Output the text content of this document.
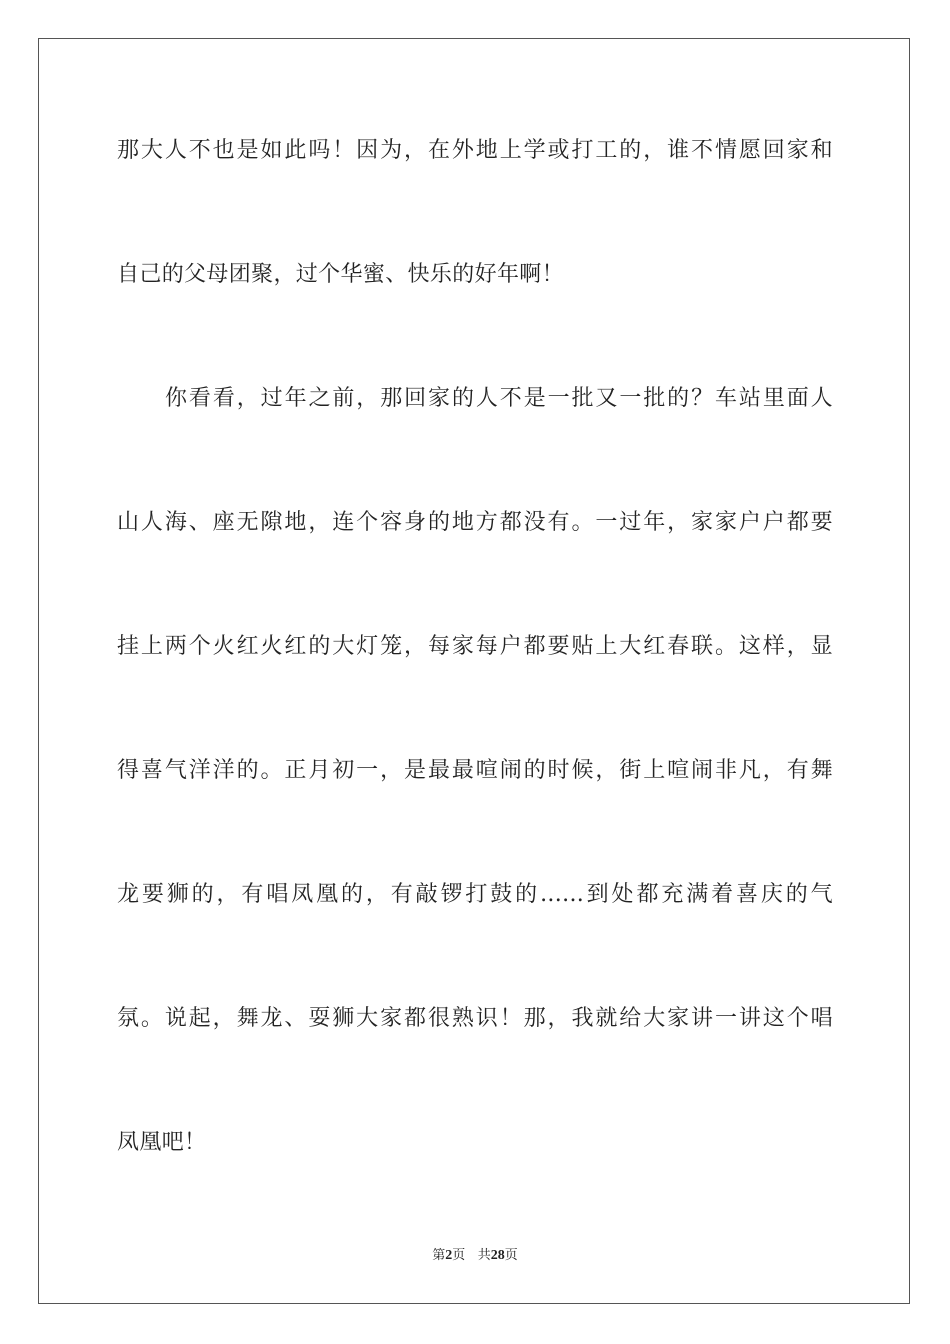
那大人不也是如此吗！因为，在外地上学或打工的，谁不情愿回家和
自己的父母团聚，过个华蜜、快乐的好年啊！
你看看，过年之前，那回家的人不是一批又一批的？车站里面人
山人海、座无隙地，连个容身的地方都没有。一过年，家家户户都要
挂上两个火红火红的大灯笼，每家每户都要贴上大红春联。这样，显
得喜气洋洋的。正月初一，是最最喧闹的时候，街上喧闹非凡，有舞
龙要狮的，有唱凤凰的，有敲锣打鼓的......到处都充满着喜庆的气
氛。说起，舞龙、耍狮大家都很熟识！那，我就给大家讲一讲这个唱
凤凰吧！
第2页 共28页
